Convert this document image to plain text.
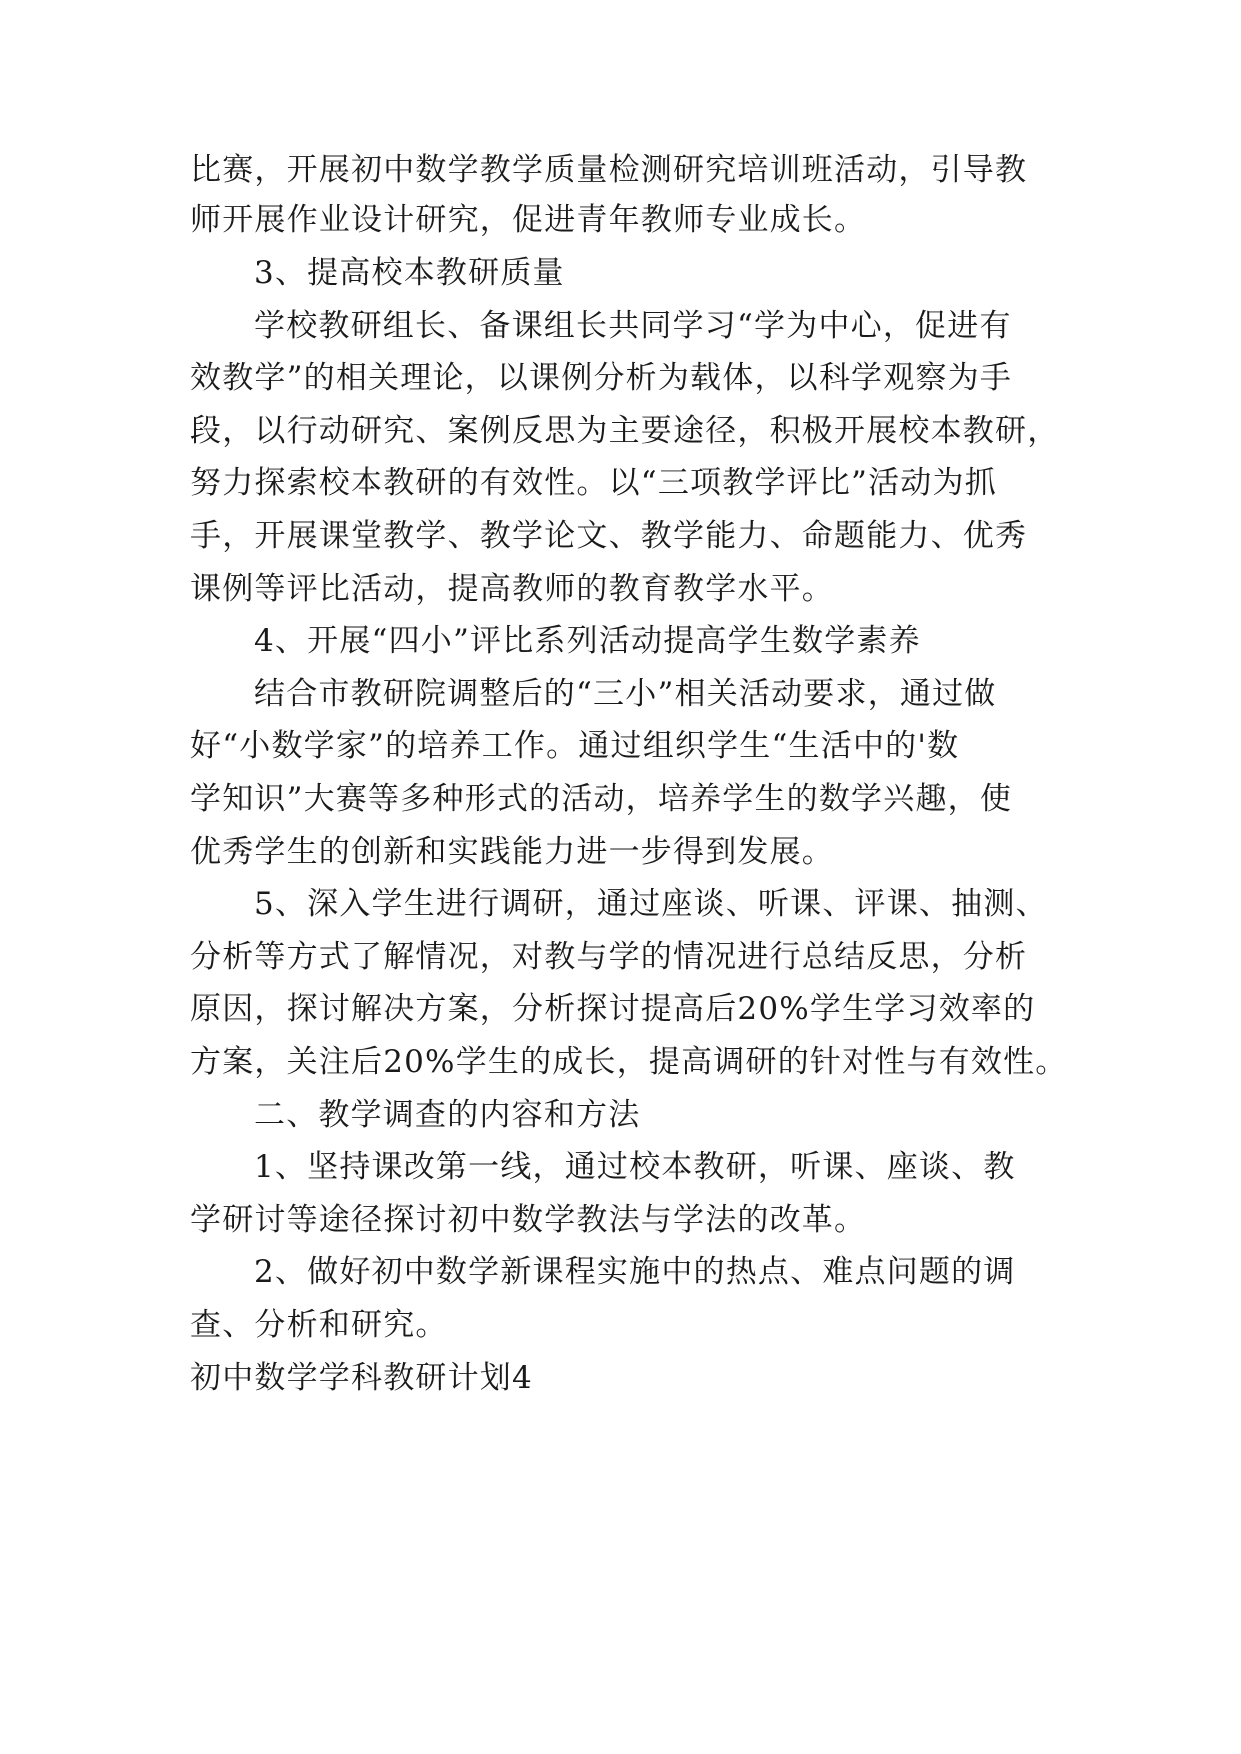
比赛，开展初中数学教学质量检测研究培训班活动，引导教
师开展作业设计研究，促进青年教师专业成长。
3、提高校本教研质量
学校教研组长、备课组长共同学习“学为中心，促进有
效教学”的相关理论，以课例分析为载体，以科学观察为手
段，以行动研究、案例反思为主要途径，积极开展校本教研，
努力探索校本教研的有效性。以“三项教学评比”活动为抓
手，开展课堂教学、教学论文、教学能力、命题能力、优秀
课例等评比活动，提高教师的教育教学水平。
4、开展“四小”评比系列活动提高学生数学素养
结合市教研院调整后的“三小”相关活动要求，通过做
好“小数学家”的培养工作。通过组织学生“生活中的'数
学知识”大赛等多种形式的活动，培养学生的数学兴趣，使
优秀学生的创新和实践能力进一步得到发展。
5、深入学生进行调研，通过座谈、听课、评课、抽测、
分析等方式了解情况，对教与学的情况进行总结反思，分析
原因，探讨解决方案，分析探讨提高后20%学生学习效率的
方案，关注后20%学生的成长，提高调研的针对性与有效性。
二、教学调查的内容和方法
1、坚持课改第一线，通过校本教研，听课、座谈、教
学研讨等途径探讨初中数学教法与学法的改革。
2、做好初中数学新课程实施中的热点、难点问题的调
查、分析和研究。
初中数学学科教研计划4
